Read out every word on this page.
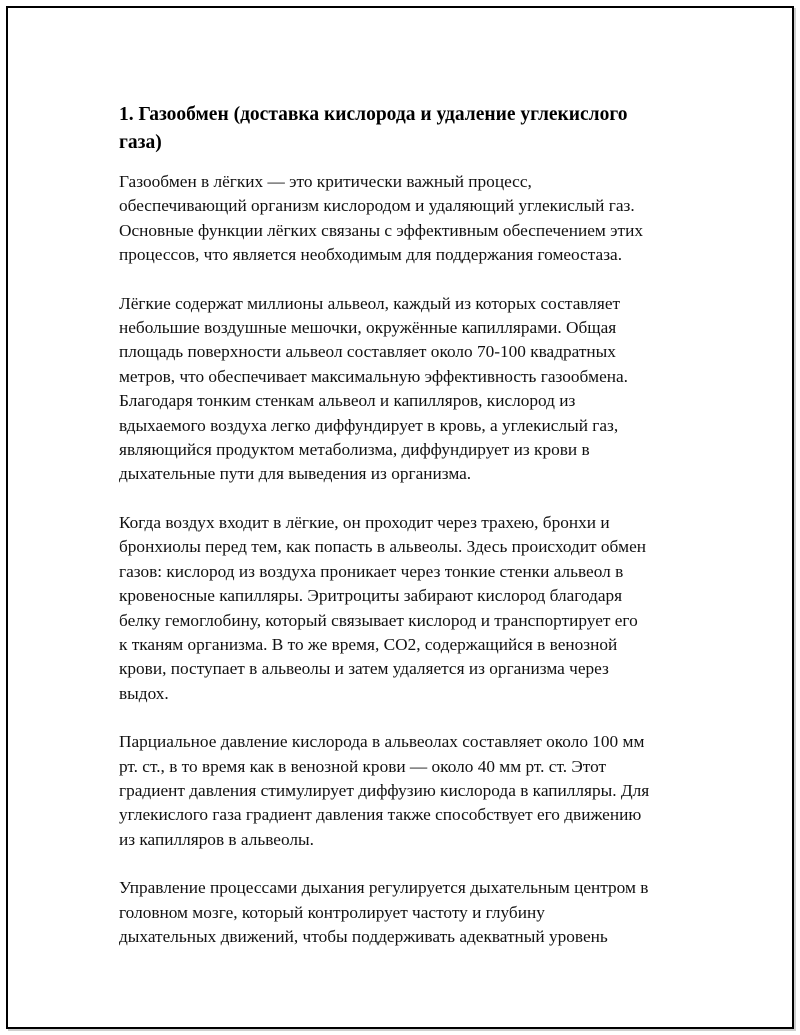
1. Газообмен (доставка кислорода и удаление углекислого
газа)
Газообмен в лёгких — это критически важный процесс,
обеспечивающий организм кислородом и удаляющий углекислый газ.
Основные функции лёгких связаны с эффективным обеспечением этих
процессов, что является необходимым для поддержания гомеостаза.
Лёгкие содержат миллионы альвеол, каждый из которых составляет
небольшие воздушные мешочки, окружённые капиллярами. Общая
площадь поверхности альвеол составляет около 70-100 квадратных
метров, что обеспечивает максимальную эффективность газообмена.
Благодаря тонким стенкам альвеол и капилляров, кислород из
вдыхаемого воздуха легко диффундирует в кровь, а углекислый газ,
являющийся продуктом метаболизма, диффундирует из крови в
дыхательные пути для выведения из организма.
Когда воздух входит в лёгкие, он проходит через трахею, бронхи и
бронхиолы перед тем, как попасть в альвеолы. Здесь происходит обмен
газов: кислород из воздуха проникает через тонкие стенки альвеол в
кровеносные капилляры. Эритроциты забирают кислород благодаря
белку гемоглобину, который связывает кислород и транспортирует его
к тканям организма. В то же время, CO2, содержащийся в венозной
крови, поступает в альвеолы и затем удаляется из организма через
выдох.
Парциальное давление кислорода в альвеолах составляет около 100 мм
рт. ст., в то время как в венозной крови — около 40 мм рт. ст. Этот
градиент давления стимулирует диффузию кислорода в капилляры. Для
углекислого газа градиент давления также способствует его движению
из капилляров в альвеолы.
Управление процессами дыхания регулируется дыхательным центром в
головном мозге, который контролирует частоту и глубину
дыхательных движений, чтобы поддерживать адекватный уровень
